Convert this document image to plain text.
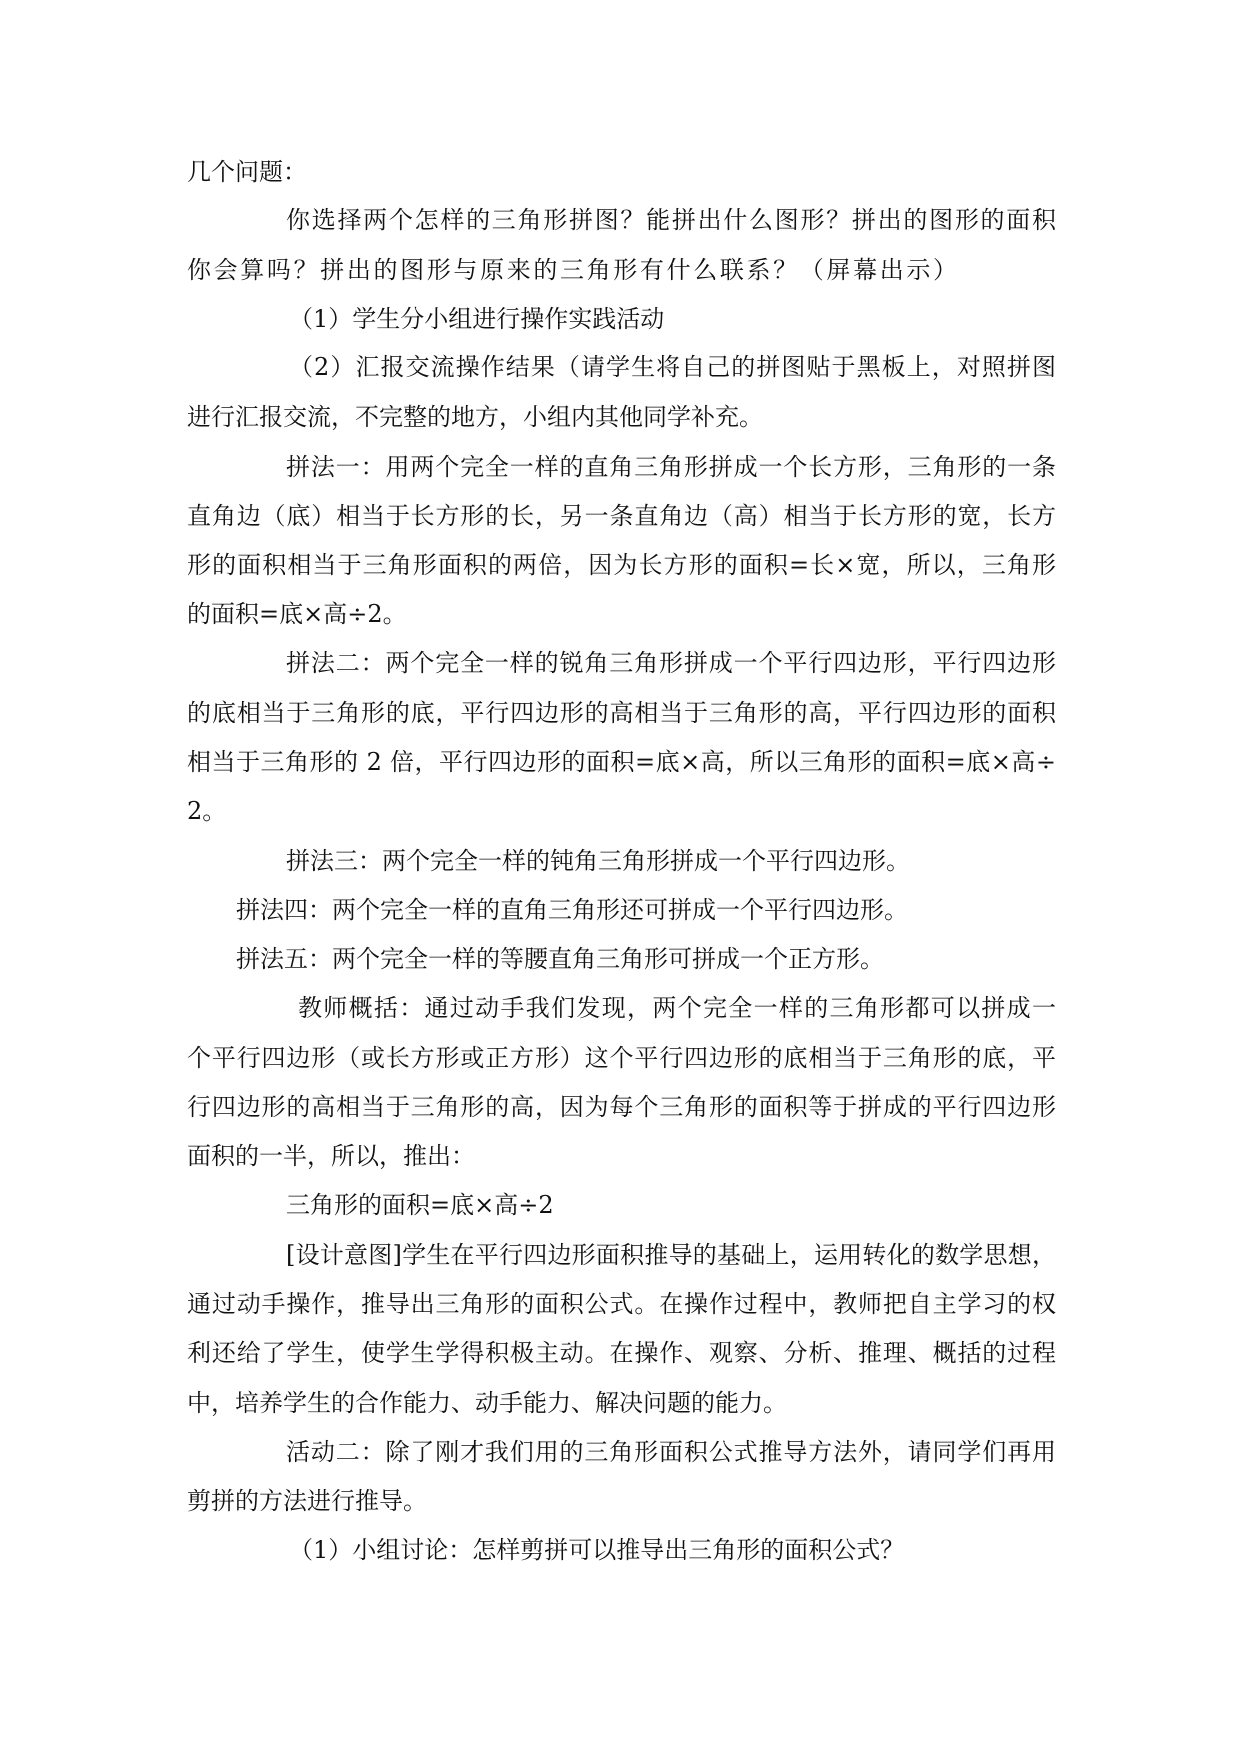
几个问题：
你选择两个怎样的三角形拼图？能拼出什么图形？拼出的图形的面积
你会算吗？拼出的图形与原来的三角形有什么联系？（屏幕出示）
（1）学生分小组进行操作实践活动
（2）汇报交流操作结果（请学生将自己的拼图贴于黑板上，对照拼图
进行汇报交流，不完整的地方，小组内其他同学补充。
拼法一：用两个完全一样的直角三角形拼成一个长方形，三角形的一条
直角边（底）相当于长方形的长，另一条直角边（高）相当于长方形的宽，长方
形的面积相当于三角形面积的两倍，因为长方形的面积=长×宽，所以，三角形
的面积=底×高÷2。
拼法二：两个完全一样的锐角三角形拼成一个平行四边形，平行四边形
的底相当于三角形的底，平行四边形的高相当于三角形的高，平行四边形的面积
相当于三角形的 2 倍，平行四边形的面积=底×高，所以三角形的面积=底×高÷
2。
拼法三：两个完全一样的钝角三角形拼成一个平行四边形。
拼法四：两个完全一样的直角三角形还可拼成一个平行四边形。
拼法五：两个完全一样的等腰直角三角形可拼成一个正方形。
教师概括：通过动手我们发现，两个完全一样的三角形都可以拼成一
个平行四边形（或长方形或正方形）这个平行四边形的底相当于三角形的底，平
行四边形的高相当于三角形的高，因为每个三角形的面积等于拼成的平行四边形
面积的一半，所以，推出：
三角形的面积=底×高÷2
[设计意图]学生在平行四边形面积推导的基础上，运用转化的数学思想，
通过动手操作，推导出三角形的面积公式。在操作过程中，教师把自主学习的权
利还给了学生，使学生学得积极主动。在操作、观察、分析、推理、概括的过程
中，培养学生的合作能力、动手能力、解决问题的能力。
活动二：除了刚才我们用的三角形面积公式推导方法外，请同学们再用
剪拼的方法进行推导。
（1）小组讨论：怎样剪拼可以推导出三角形的面积公式？
